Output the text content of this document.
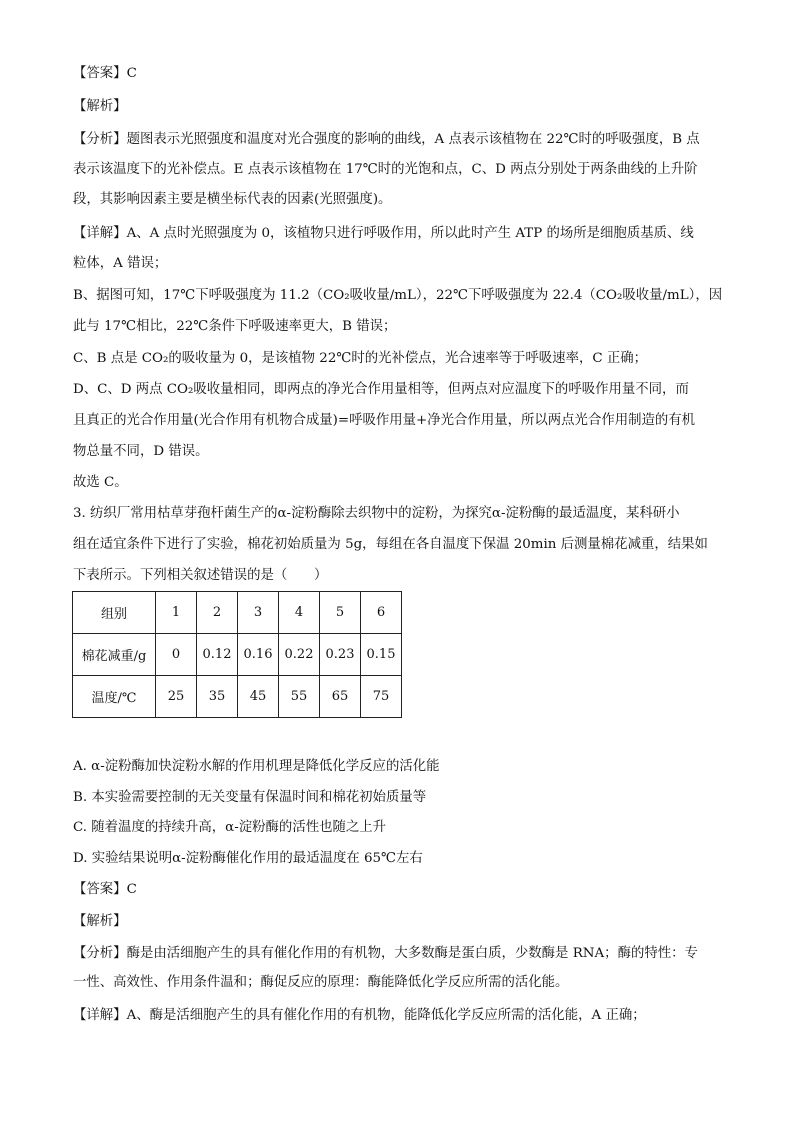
【答案】C
【解析】
【分析】题图表示光照强度和温度对光合强度的影响的曲线，A 点表示该植物在 22℃时的呼吸强度，B 点
表示该温度下的光补偿点。E 点表示该植物在 17℃时的光饱和点，C、D 两点分别处于两条曲线的上升阶
段，其影响因素主要是横坐标代表的因素(光照强度)。
【详解】A、A 点时光照强度为 0，该植物只进行呼吸作用，所以此时产生 ATP 的场所是细胞质基质、线
粒体，A 错误；
B、据图可知，17℃下呼吸强度为 11.2（CO₂吸收量/mL），22℃下呼吸强度为 22.4（CO₂吸收量/mL），因
此与 17℃相比，22℃条件下呼吸速率更大，B 错误；
C、B 点是 CO₂的吸收量为 0，是该植物 22℃时的光补偿点，光合速率等于呼吸速率，C 正确；
D、C、D 两点 CO₂吸收量相同，即两点的净光合作用量相等，但两点对应温度下的呼吸作用量不同，而
且真正的光合作用量(光合作用有机物合成量)=呼吸作用量+净光合作用量，所以两点光合作用制造的有机
物总量不同，D 错误。
故选 C。
3. 纺织厂常用枯草芽孢杆菌生产的α-淀粉酶除去织物中的淀粉，为探究α-淀粉酶的最适温度，某科研小
组在适宜条件下进行了实验，棉花初始质量为 5g，每组在各自温度下保温 20min 后测量棉花减重，结果如
下表所示。下列相关叙述错误的是（　　）
组别	1	2	3	4	5	6
棉花减重/g	0	0.12	0.16	0.22	0.23	0.15
温度/℃	25	35	45	55	65	75
A. α-淀粉酶加快淀粉水解的作用机理是降低化学反应的活化能
B. 本实验需要控制的无关变量有保温时间和棉花初始质量等
C. 随着温度的持续升高，α-淀粉酶的活性也随之上升
D. 实验结果说明α-淀粉酶催化作用的最适温度在 65℃左右
【答案】C
【解析】
【分析】酶是由活细胞产生的具有催化作用的有机物，大多数酶是蛋白质，少数酶是 RNA；酶的特性：专
一性、高效性、作用条件温和；酶促反应的原理：酶能降低化学反应所需的活化能。
【详解】A、酶是活细胞产生的具有催化作用的有机物，能降低化学反应所需的活化能，A 正确；
